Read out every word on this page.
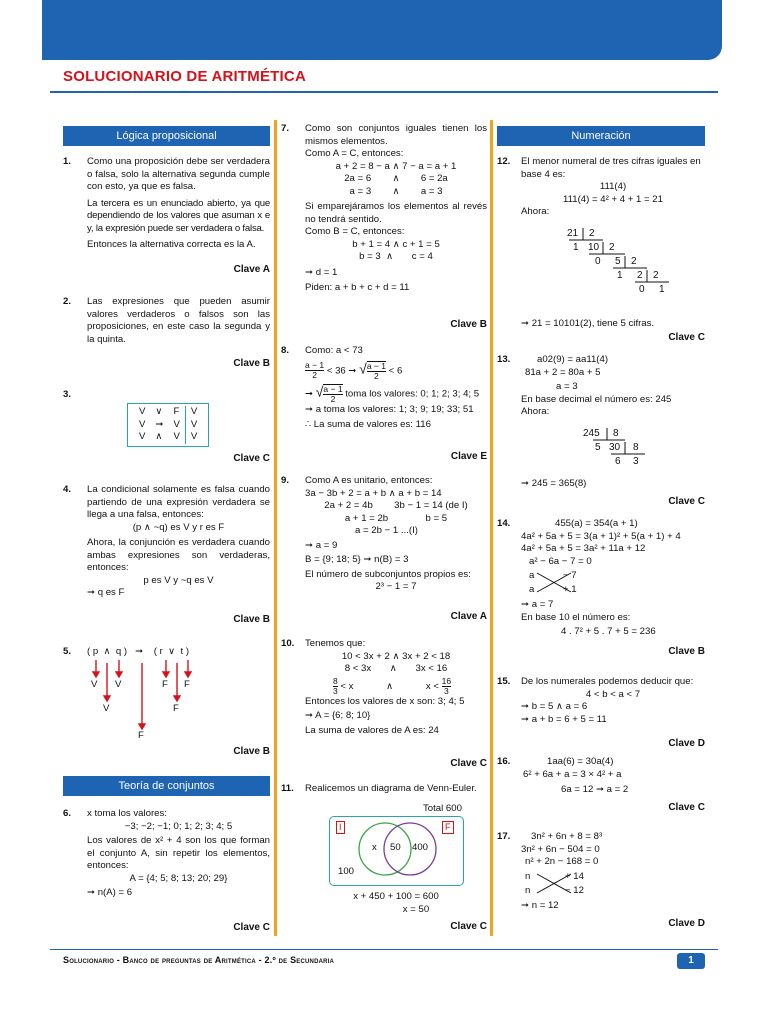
SOLUCIONARIO DE ARITMÉTICA
Lógica proposicional
1. Como una proposición debe ser verdadera o falsa, solo la alternativa segunda cumple con esto, ya que es falsa.
La tercera es un enunciado abierto, ya que dependiendo de los valores que asuman x e y, la expresión puede ser verdadera o falsa.
Entonces la alternativa correcta es la A.
Clave A
2. Las expresiones que pueden asumir valores verdaderos o falsos son las proposiciones, en este caso la segunda y la quinta.
Clave B
3.
V	∨	F	V
V	➞	V	V
V	∧	V	V
Clave C
4. La condicional solamente es falsa cuando partiendo de una expresión verdadera se llega a una falsa, entonces:
(p ∧ ~q) es V y r es F
Ahora, la conjunción es verdadera cuando ambas expresiones son verdaderas, entonces:
p es V y ~q es V
➞ q es F
Clave B
5. ( p  ∧  q )   ➞    ( r  ∨  t )
V V	F F
V	F
F
Clave B
Teoría de conjuntos
6. x toma los valores:
−3; −2; −1; 0; 1; 2; 3; 4; 5
Los valores de x² + 4 son los que forman el conjunto A, sin repetir los elementos, entonces:
A = {4; 5; 8; 13; 20; 29}
➞ n(A) = 6
Clave C
7. Como son conjuntos iguales tienen los mismos elementos.
Como A = C, entonces:
a + 2 = 8 − a ∧ 7 − a = a + 1
2a = 6        ∧        6 = 2a
a = 3        ∧        a = 3
Si emparejáramos los elementos al revés no tendrá sentido.
Como B = C, entonces:
b + 1 = 4 ∧ c + 1 = 5
b = 3  ∧       c = 4
➞ d = 1
Piden: a + b + c + d = 11
Clave B
8. Como: a < 73
$\frac{a - 1}{2} < 36$ ➞ √ $\frac{a - 1}{2} < 6$
➞ √ $\frac{a - 1}{2}$ toma los valores: 0; 1; 2; 3; 4; 5
➞ a toma los valores: 1; 3; 9; 19; 33; 51
∴ La suma de valores es: 116
Clave E
9. Como A es unitario, entonces:
3a − 3b + 2 = a + b ∧ a + b = 14
2a + 2 = 4b        3b − 1 = 14 (de I)
a + 1 = 2b              b = 5
a = 2b − 1 ...(I)
➞ a = 9
B = {9; 18; 5} ➞ n(B) = 3
El número de subconjuntos propios es:
2³ − 1 = 7
Clave A
10. Tenemos que:
10 < 3x + 2 ∧ 3x + 2 < 18
8 < 3x       ∧       3x < 16
$\frac{8}{3} < x$	∧	$x < \frac{16}{3}$
Entonces los valores de x son: 3; 4; 5
➞ A = {6; 8; 10}
La suma de valores de A es: 24
Clave C
11. Realicemos un diagrama de Venn-Euler.
Total 600
I	F
x 50 400
100
x + 450 + 100 = 600
x = 50
Clave C
Numeración
12. El menor numeral de tres cifras iguales en base 4 es:
111(4)
111(4) = 4² + 4 + 1 = 21
Ahora:
21 2
1 10 2
0 5 2
1 2 2
0 1
➞ 21 = 10101(2), tiene 5 cifras.
Clave C
13.	a02(9) = aa11(4)
81a + 2 = 80a + 5
a = 3
En base decimal el número es: 245
Ahora:
245 8
5 30 8
6 3
➞ 245 = 365(8)
Clave C
14.	455(a) = 354(a + 1)
4a² + 5a + 5 = 3(a + 1)² + 5(a + 1) + 4
4a² + 5a + 5 = 3a² + 11a + 12
a² − 6a − 7 = 0
a	− 7
a	+ 1
➞ a = 7
En base 10 el número es:
4 . 7² + 5 . 7 + 5 = 236
Clave B
15. De los numerales podemos deducir que:
4 < b < a < 7
➞ b = 5 ∧ a = 6
➞ a + b = 6 + 5 = 11
Clave D
16.	1aa(6) = 30a(4)
6² + 6a + a = 3 × 4² + a
6a = 12 ➞ a = 2
Clave C
17.	3n² + 6n + 8 = 8³
3n² + 6n − 504 = 0
n² + 2n − 168 = 0
n	+ 14
n	− 12
➞ n = 12
Clave D
Solucionario - Banco de preguntas de Aritmética - 2.º de Secundaria	1
